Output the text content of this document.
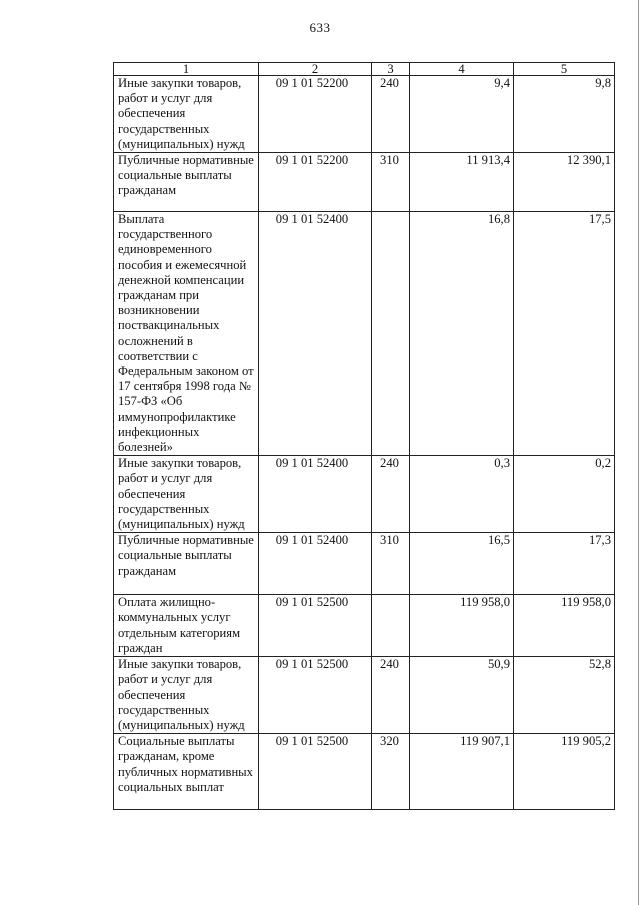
633
1	2	3	4	5
Иные закупки товаров, работ и услуг для обеспечения государственных (муниципальных) нужд	09 1 01 52200	240	9,4	9,8
Публичные нормативные социальные выплаты гражданам	09 1 01 52200	310	11 913,4	12 390,1
Выплата государственного единовременного пособия и ежемесячной денежной компенсации гражданам при возникновении поствакцинальных осложнений в соответствии с Федеральным законом от 17 сентября 1998 года № 157-ФЗ «Об иммунопрофилактике инфекционных болезней»	09 1 01 52400		16,8	17,5
Иные закупки товаров, работ и услуг для обеспечения государственных (муниципальных) нужд	09 1 01 52400	240	0,3	0,2
Публичные нормативные социальные выплаты гражданам	09 1 01 52400	310	16,5	17,3
Оплата жилищно-коммунальных услуг отдельным категориям граждан	09 1 01 52500		119 958,0	119 958,0
Иные закупки товаров, работ и услуг для обеспечения государственных (муниципальных) нужд	09 1 01 52500	240	50,9	52,8
Социальные выплаты гражданам, кроме публичных нормативных социальных выплат	09 1 01 52500	320	119 907,1	119 905,2
